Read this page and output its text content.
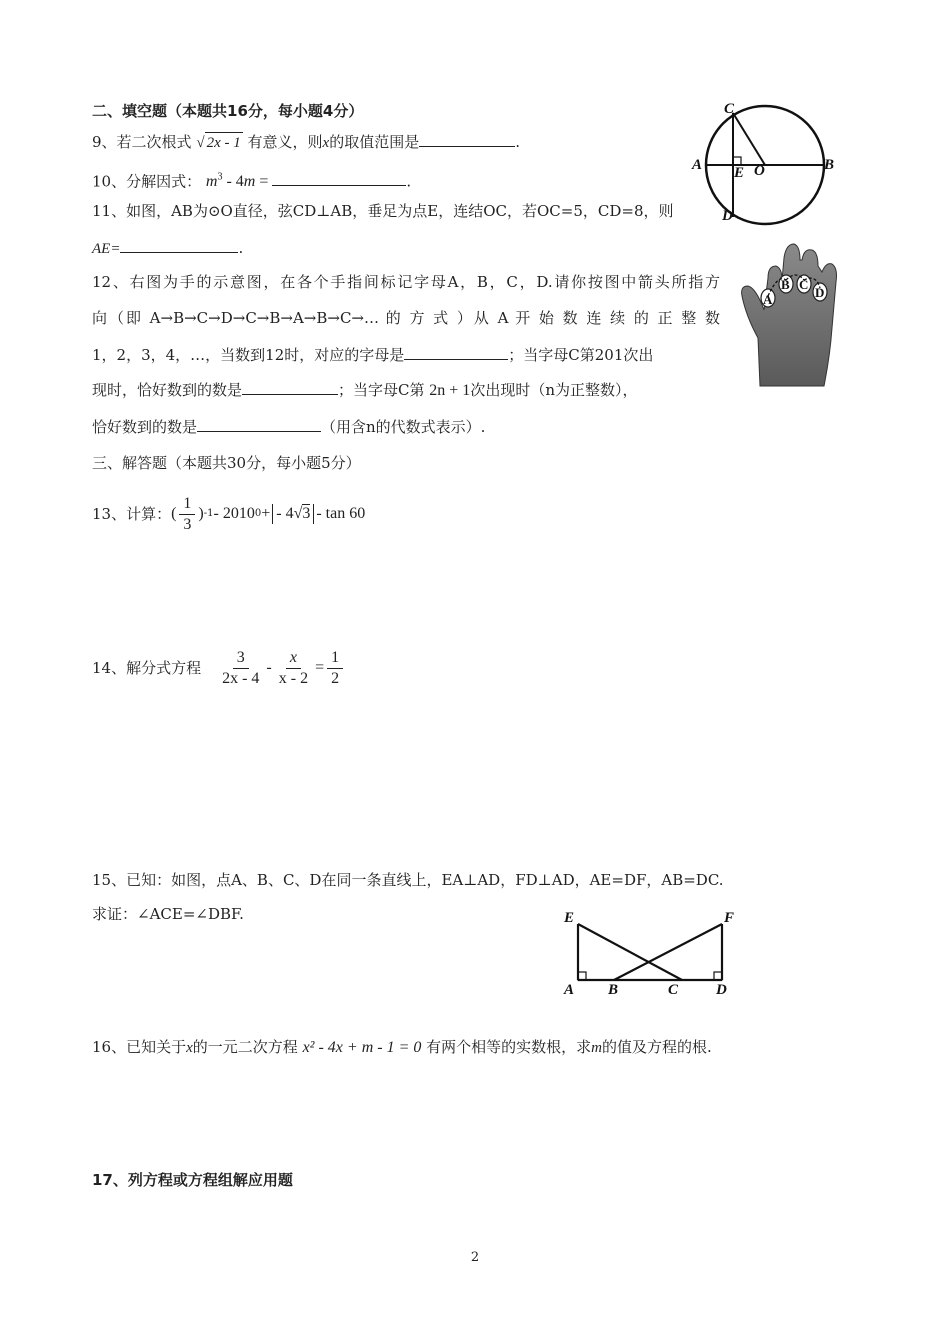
二、填空题（本题共16分，每小题4分）
9、若二次根式 √ 2x - 1 有意义，则x的取值范围是	.
10、分解因式： $m^3 - 4m$ =	.
11、如图，AB为⊙O直径，弦CD⊥AB，垂足为点E，连结OC，若OC=5，CD=8，则
AE=	.
12、右图为手的示意图，在各个手指间标记字母A，B，C，D.请你按图中箭头所指方
向（即 A→B→C→D→C→B→A→B→C→… 的 方 式 ）从 A 开 始 数 连 续 的 正 整 数
1，2，3，4，…，当数到12时，对应的字母是	；当字母C第201次出
现时，恰好数到的数是	；当字母C第 2n + 1次出现时（n为正整数），
恰好数到的数是	（用含n的代数式表示）.
三、解答题（本题共30分，每小题5分）
13、计算： ( $\frac{1}{3}$ ) -1 - 2010 0 + - 4√3 - tan 60
14、解分式方程 $\frac{3}{2x - 4} - \frac{x}{x - 2} = \frac{1}{2}$
15、已知：如图，点A、B、C、D在同一条直线上，EA⊥AD，FD⊥AD，AE=DF，AB=DC.
求证：∠ACE=∠DBF.
16、已知关于x的一元二次方程 x² - 4x + m - 1 = 0 有两个相等的实数根，求m的值及方程的根.
17、列方程或方程组解应用题
C
A E O	B
D
A
B C
D
E	F
A B	C	D
2
